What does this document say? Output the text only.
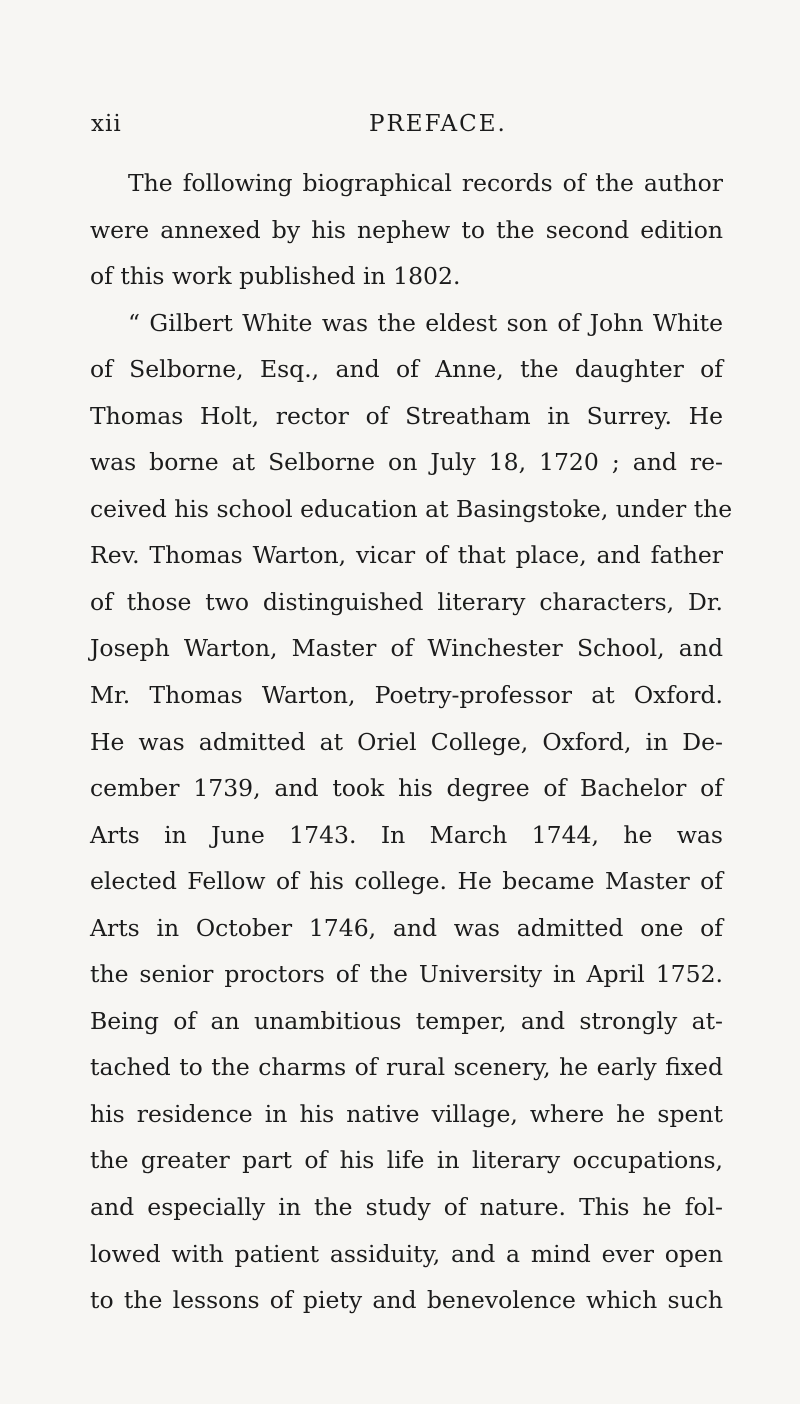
xii	PREFACE.
The following biographical records of the author
were annexed by his nephew to the second edition
of this work published in 1802.
“ Gilbert White was the eldest son of John White
of Selborne, Esq., and of Anne, the daughter of
Thomas Holt, rector of Streatham in Surrey. He
was borne at Selborne on July 18, 1720 ; and re-
ceived his school education at Basingstoke, under the
Rev. Thomas Warton, vicar of that place, and father
of those two distinguished literary characters, Dr.
Joseph Warton, Master of Winchester School, and
Mr. Thomas Warton, Poetry-professor at Oxford.
He was admitted at Oriel College, Oxford, in De-
cember 1739, and took his degree of Bachelor of
Arts in June 1743. In March 1744, he was
elected Fellow of his college. He became Master of
Arts in October 1746, and was admitted one of
the senior proctors of the University in April 1752.
Being of an unambitious temper, and strongly at-
tached to the charms of rural scenery, he early fixed
his residence in his native village, where he spent
the greater part of his life in literary occupations,
and especially in the study of nature. This he fol-
lowed with patient assiduity, and a mind ever open
to the lessons of piety and benevolence which such
